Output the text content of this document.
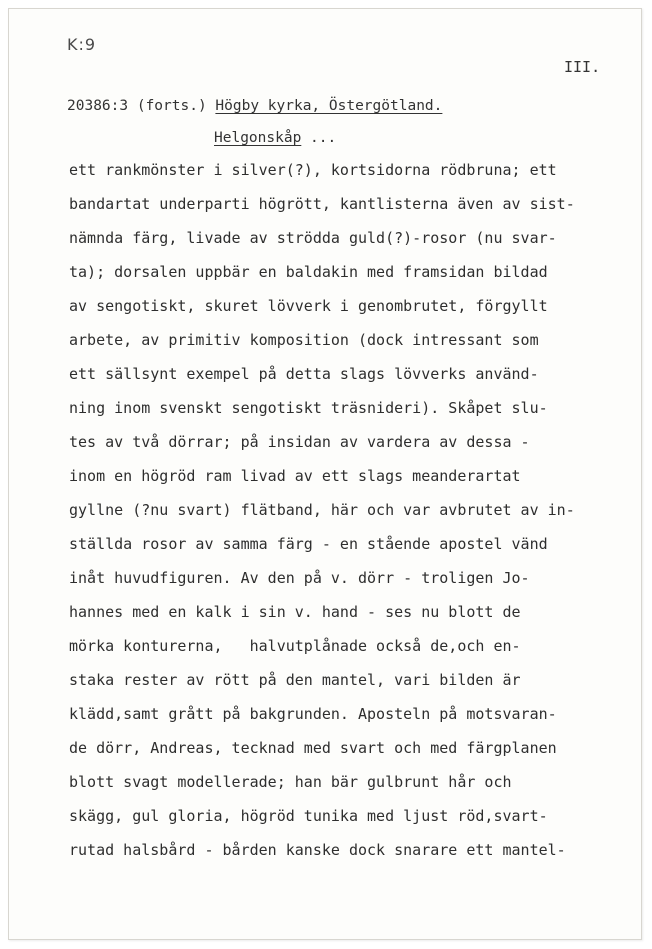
K:9
III.
20386:3 (forts.) Högby kyrka, Östergötland.
Helgonskåp ...
ett rankmönster i silver(?), kortsidorna rödbruna; ett
bandartat underparti högrött, kantlisterna även av sist-
nämnda färg, livade av strödda guld(?)-rosor (nu svar-
ta); dorsalen uppbär en baldakin med framsidan bildad
av sengotiskt, skuret lövverk i genombrutet, förgyllt
arbete, av primitiv komposition (dock intressant som
ett sällsynt exempel på detta slags lövverks använd-
ning inom svenskt sengotiskt träsnideri). Skåpet slu-
tes av två dörrar; på insidan av vardera av dessa -
inom en högröd ram livad av ett slags meanderartat
gyllne (?nu svart) flätband, här och var avbrutet av in-
ställda rosor av samma färg - en stående apostel vänd
inåt huvudfiguren. Av den på v. dörr - troligen Jo-
hannes med en kalk i sin v. hand - ses nu blott de
mörka konturerna,   halvutplånade också de,och en-
staka rester av rött på den mantel, vari bilden är
klädd,samt grått på bakgrunden. Aposteln på motsvaran-
de dörr, Andreas, tecknad med svart och med färgplanen
blott svagt modellerade; han bär gulbrunt hår och
skägg, gul gloria, högröd tunika med ljust röd,svart-
rutad halsbård - bården kanske dock snarare ett mantel-
